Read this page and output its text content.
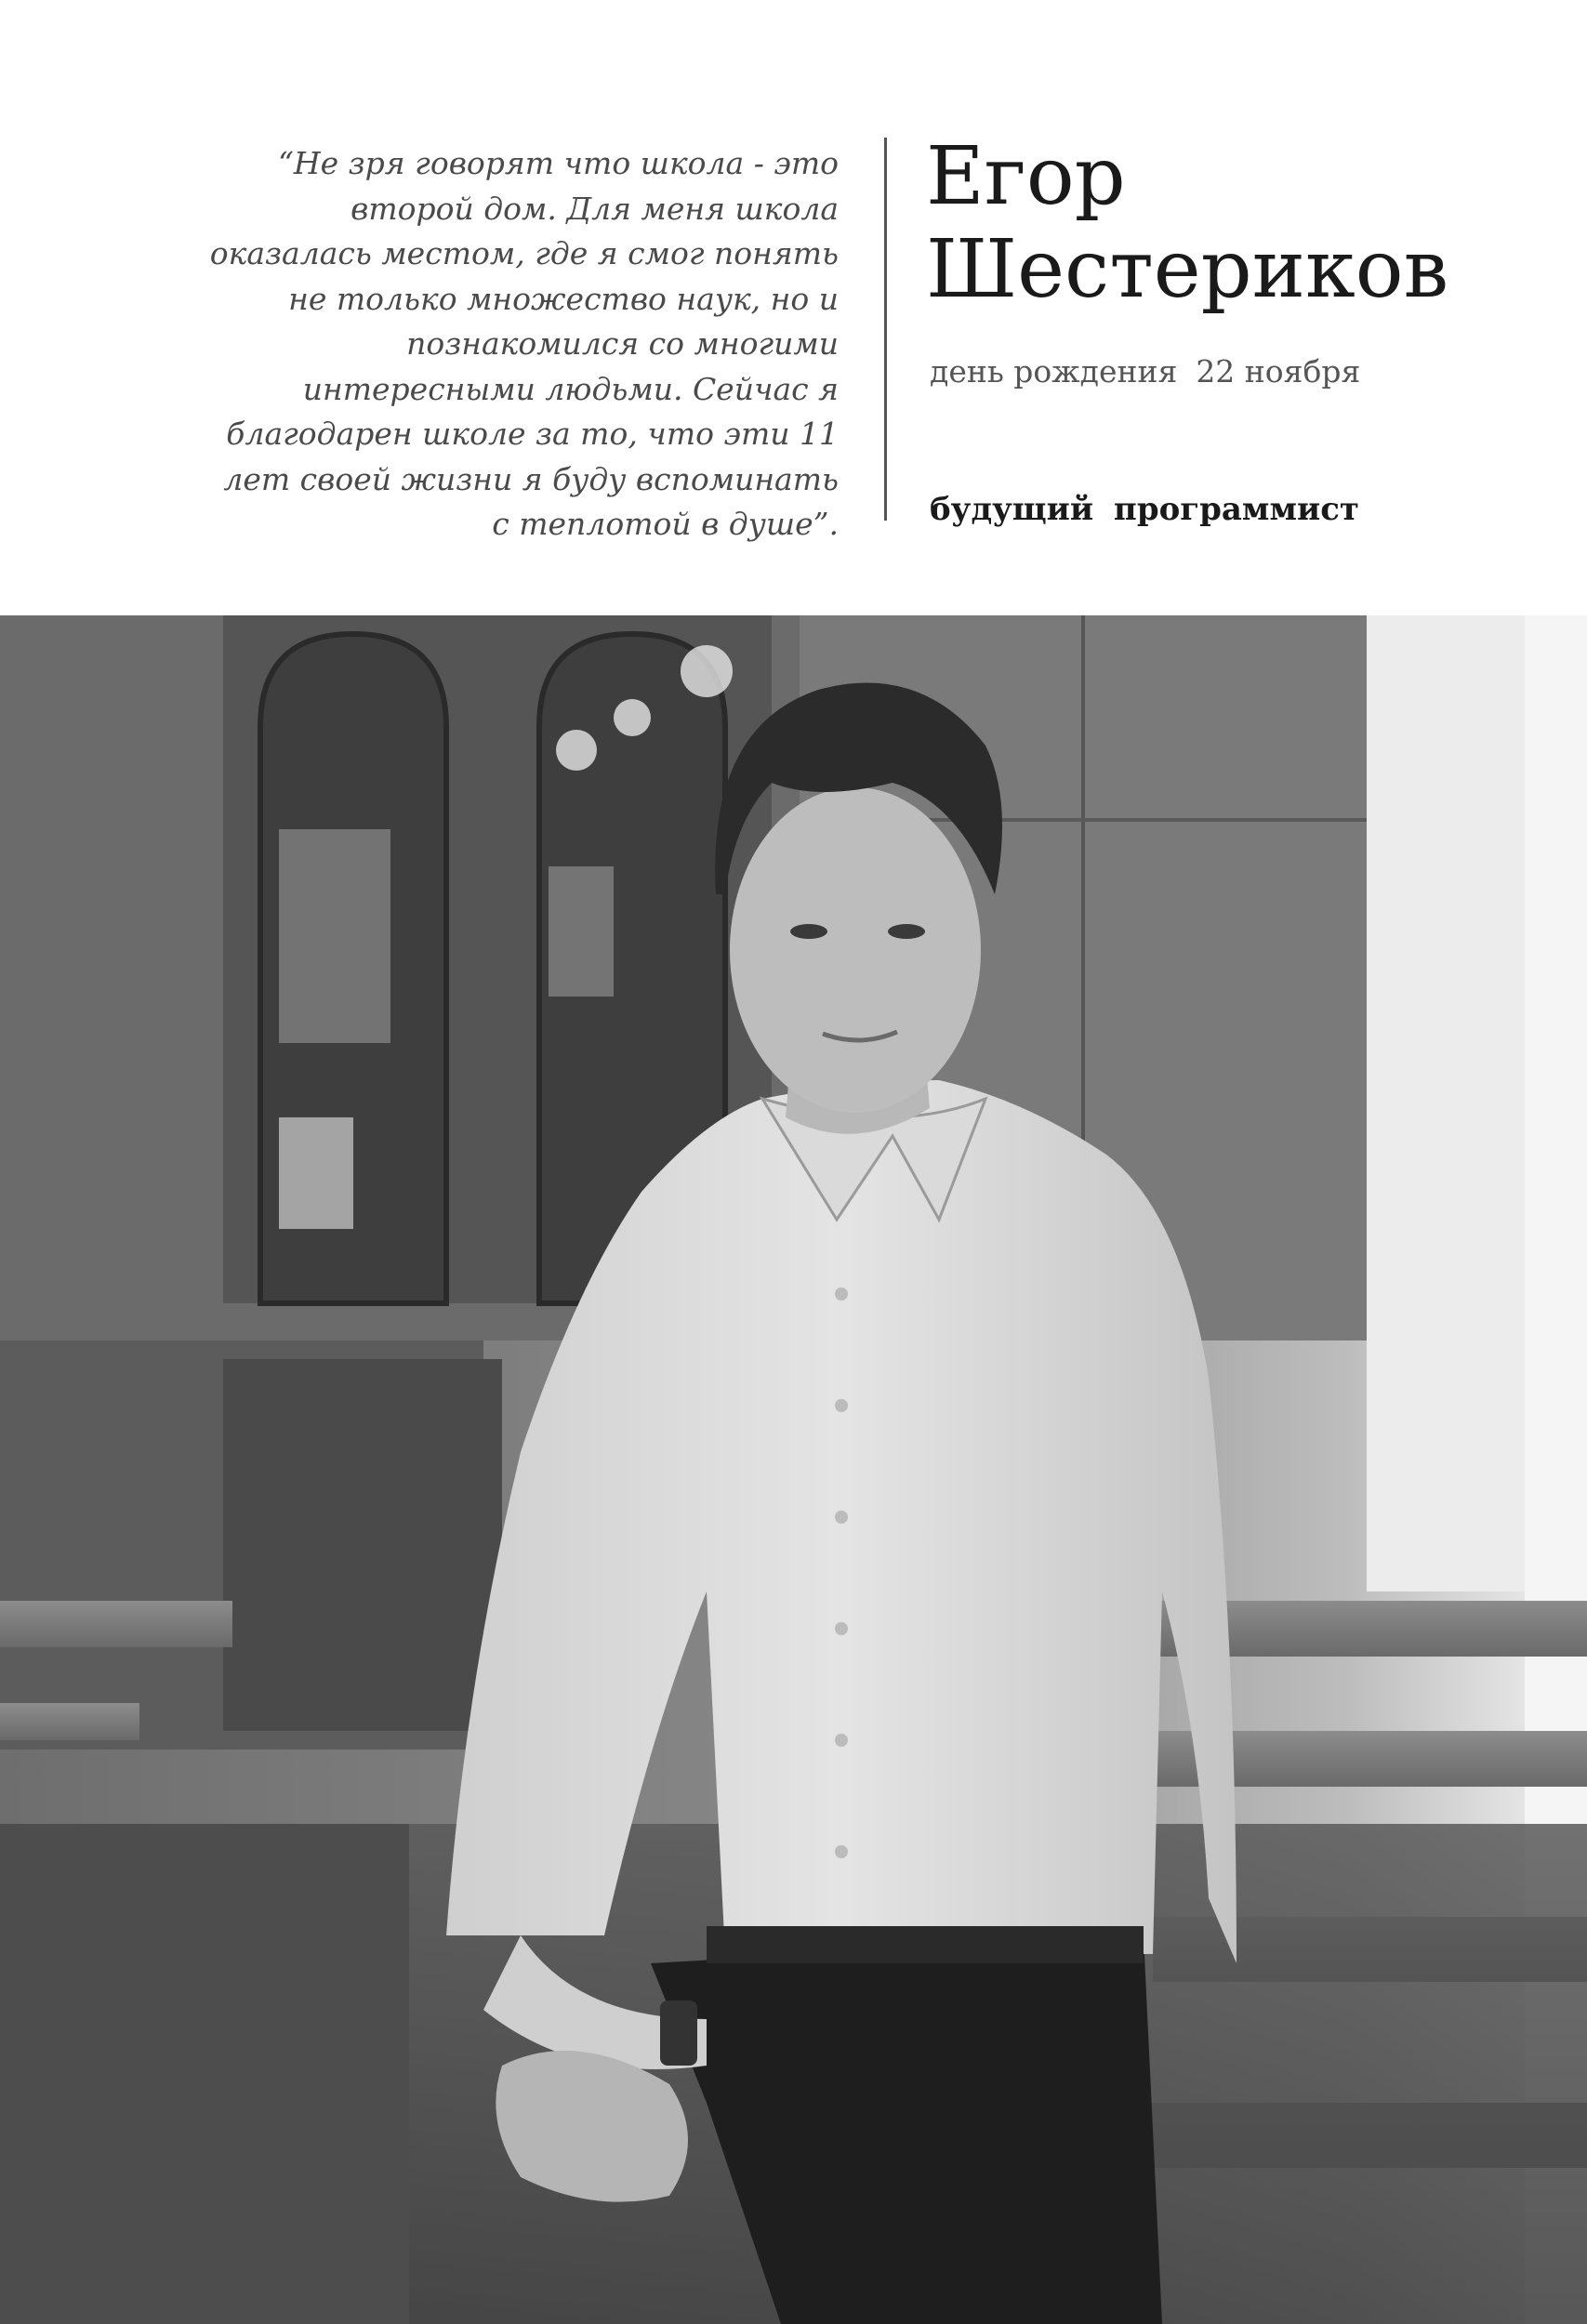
“Не зря говорят что школа - это
второй дом. Для меня школа
оказалась местом, где я смог понять
не только множество наук, но и
познакомился со многими
интересными людьми. Сейчас я
благодарен школе за то, что эти 11
лет своей жизни я буду вспоминать
с теплотой в душе”.
Егор
Шестериков
день рождения 22 ноября
будущий программист
